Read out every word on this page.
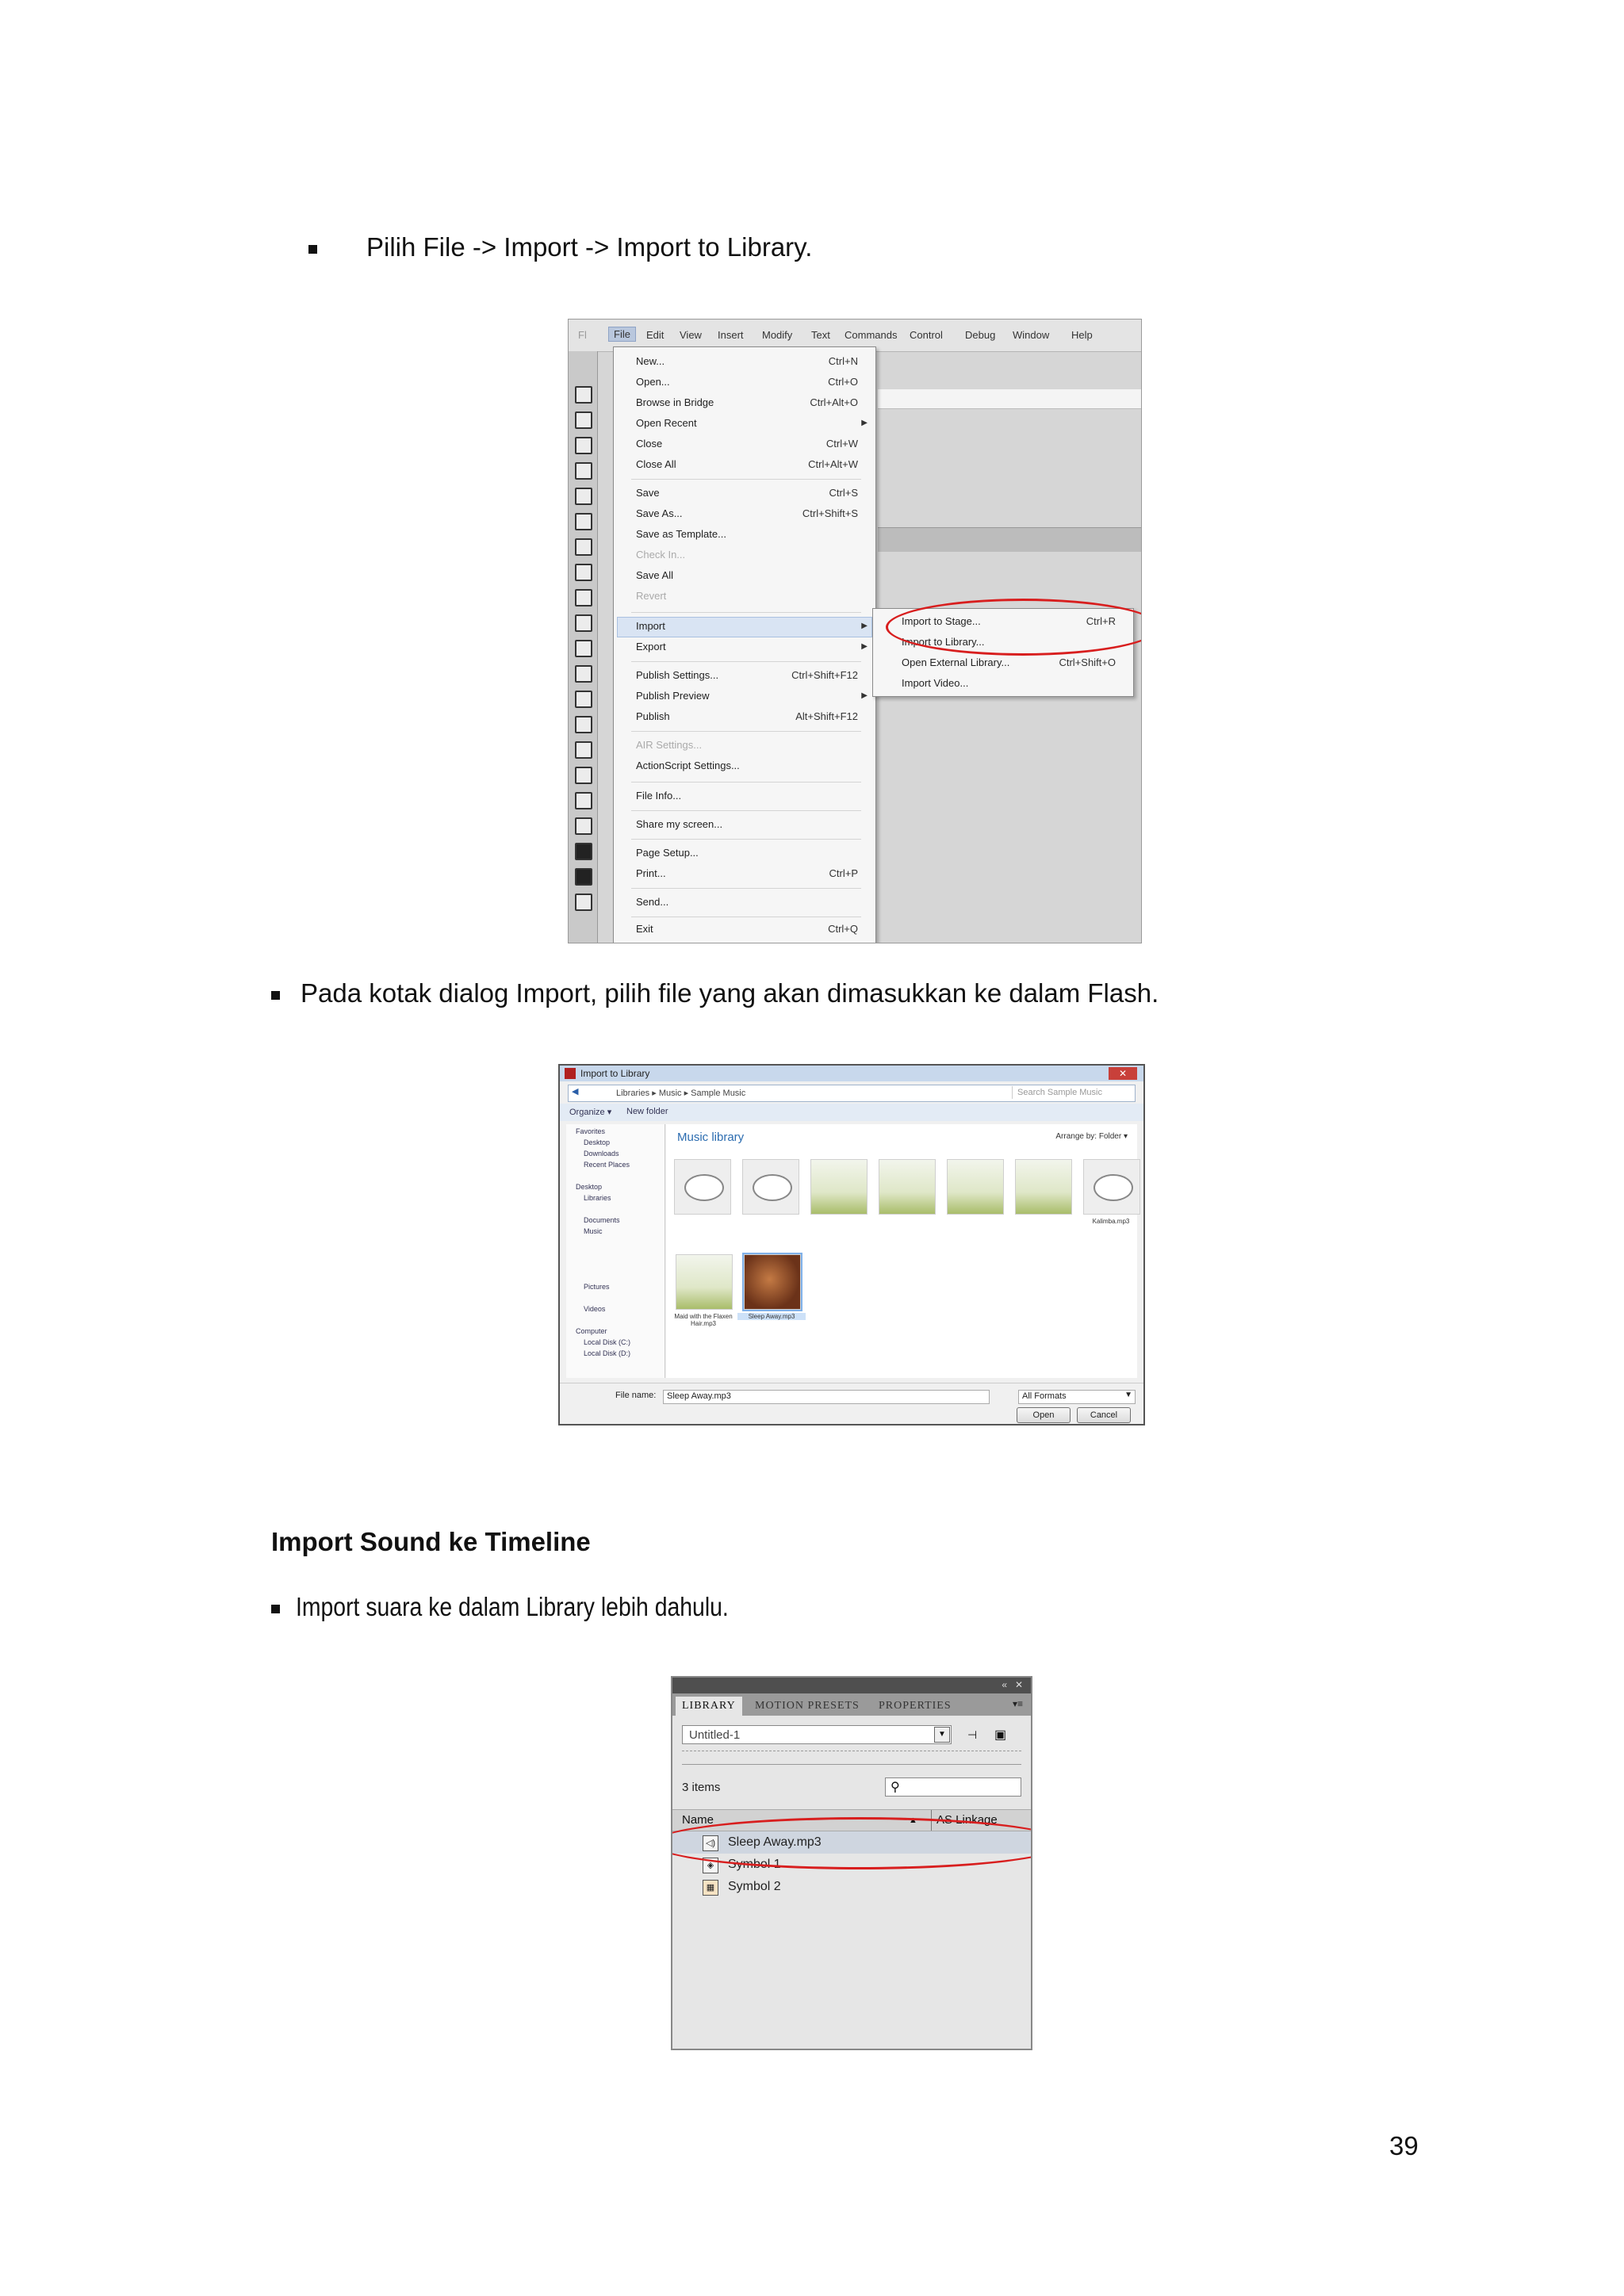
Pilih File -> Import -> Import to Library.
Fl	File	Edit View Insert Modify Text Commands Control Debug Window Help
New...	Ctrl+N
Open...	Ctrl+O
Browse in Bridge	Ctrl+Alt+O
Open Recent	▶
Close	Ctrl+W
Close All	Ctrl+Alt+W
Save	Ctrl+S
Save As...	Ctrl+Shift+S
Save as Template...
Check In...
Save All
Revert
Import	▶
Export	▶
Publish Settings...	Ctrl+Shift+F12
Publish Preview	▶
Publish	Alt+Shift+F12
AIR Settings...
ActionScript Settings...
File Info...
Share my screen...
Page Setup...
Print...	Ctrl+P
Send...
Exit	Ctrl+Q
Import to Stage...	Ctrl+R
Import to Library...
Open External Library...	Ctrl+Shift+O
Import Video...
Pada kotak dialog Import, pilih file yang akan dimasukkan ke dalam Flash.
Import to Library	✕
◀	Libraries ▸ Music ▸ Sample Music	Search Sample Music
Organize ▾ New folder
Favorites
Desktop
Downloads
Recent Places
Desktop
Libraries
Documents
Music
Pictures
Videos
Computer
Local Disk (C:)
Local Disk (D:)
Music library	Arrange by: Folder ▾
Kalimba.mp3
Maid with the Flaxen Hair.mp3
Sleep Away.mp3
File name: Sleep Away.mp3	All Formats	▼
Open	Cancel
Import Sound ke Timeline
Import suara ke dalam Library lebih dahulu.
« ✕
LIBRARY	MOTION PRESETS	PROPERTIES	▾≡
Untitled-1	▼	⊣ ▣
3 items	⚲
Name	▲	AS Linkage
◁) Sleep Away.mp3
◈	Symbol 1
▦ Symbol 2
39
